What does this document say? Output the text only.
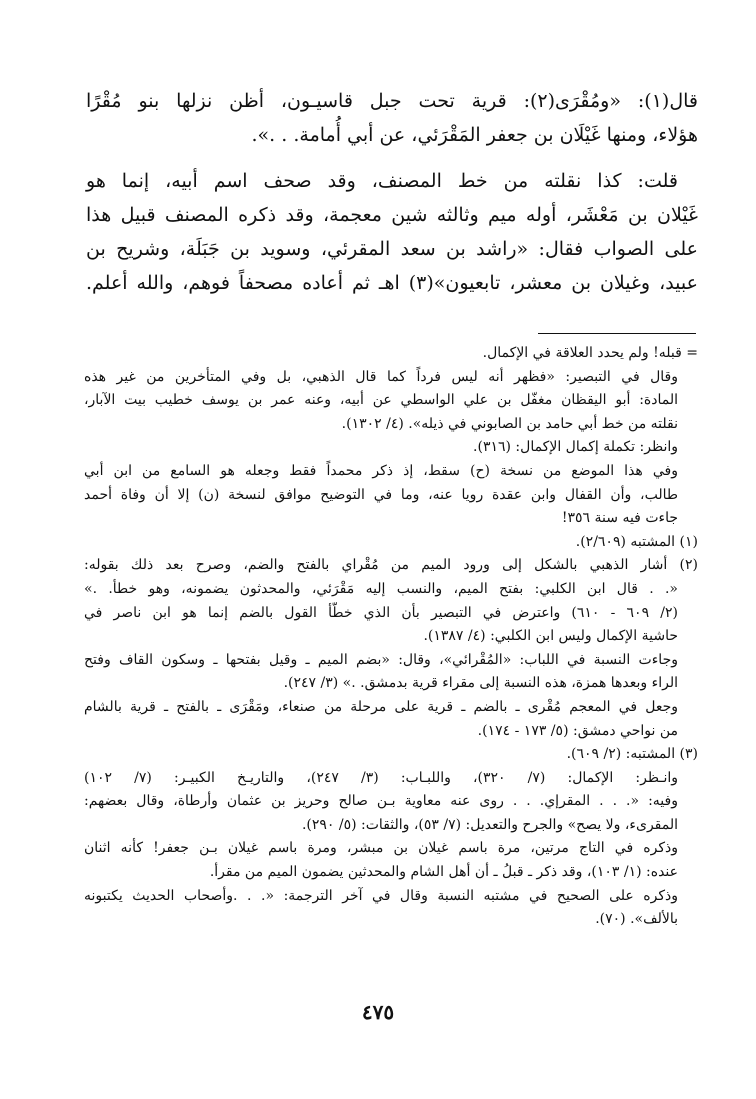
قال(١): «ومُقْرَى(٢): قرية تحت جبل قاسيـون، أظن نزلها بنو مُقْرًا
هؤلاء، ومنها غَيْلَان بن جعفر المَقْرَئي، عن أبي أُمامة. . .».

قلت: كذا نقلته من خط المصنف، وقد صحف اسم أبيه، إنما هو
غَيْلان بن مَعْشَر، أوله ميم وثالثه شين معجمة، وقد ذكره المصنف قبيل هذا
على الصواب فقال: «راشد بن سعد المقرئي، وسويد بن جَبَلَة، وشريح بن
عبيد، وغيلان بن معشر، تابعيون»(٣) اهـ ثم أعاده مصحفاً فوهم، والله أعلم.

= قبله! ولم يحدد العلاقة في الإكمال.
وقال في التبصير: «فظهر أنه ليس فرداً كما قال الذهبي، بل وفي المتأخرين من غير هذه
المادة: أبو اليقظان مغفّل بن علي الواسطي عن أبيه، وعنه عمر بن يوسف خطيب بيت الآبار،
نقلته من خط أبي حامد بن الصابوني في ذيله». (٤/ ١٣٠٢).
وانظر: تكملة إكمال الإكمال: (٣١٦).
وفي هذا الموضع من نسخة (ح) سقط، إذ ذكر محمداً فقط وجعله هو السامع من ابن أبي
طالب، وأن القفال وابن عقدة رويا عنه، وما في التوضيح موافق لنسخة (ن) إلا أن وفاة أحمد
جاءت فيه سنة ٣٥٦!
(١) المشتبه (٢/٦٠٩).
(٢) أشار الذهبي بالشكل إلى ورود الميم من مُقْراي بالفتح والضم، وصرح بعد ذلك بقوله:
«. . قال ابن الكلبي: بفتح الميم، والنسب إليه مَقْرَئي، والمحدثون يضمونه، وهو خطأ. .»
(٢/ ٦٠٩ - ٦١٠) واعترض في التبصير بأن الذي خطّأ القول بالضم إنما هو ابن ناصر في
حاشية الإكمال وليس ابن الكلبي: (٤/ ١٣٨٧).
وجاءت النسبة في اللباب: «المُقْرائي»، وقال: «بضم الميم ـ وقيل بفتحها ـ وسكون القاف وفتح
الراء وبعدها همزة، هذه النسبة إلى مقراء قرية بدمشق. .» (٣/ ٢٤٧).
وجعل في المعجم مُقْرى ـ بالضم ـ قرية على مرحلة من صنعاء، ومَقْرَى ـ بالفتح ـ قرية بالشام
من نواحي دمشق: (٥/ ١٧٣ - ١٧٤).
(٣) المشتبه: (٢/ ٦٠٩).
وانـظر: الإكمال: (٧/ ٣٢٠)، واللبـاب: (٣/ ٢٤٧)، والتاريـخ الكبيـر: (٧/ ١٠٢)
وفيه: «. . . المقرإي. . . روى عنه معاوية بـن صالح وحريز بن عثمان وأرطاة، وقال بعضهم:
المقرىء، ولا يصح» والجرح والتعديل: (٧/ ٥٣)، والثقات: (٥/ ٢٩٠).
وذكره في التاج مرتين، مرة باسم غيلان بن مبشر، ومرة باسم غيلان بـن جعفر! كأنه اثنان
عنده: (١/ ١٠٣)، وقد ذكر ـ قبلُ ـ أن أهل الشام والمحدثين يضمون الميم من مقرأ.
وذكره على الصحيح في مشتبه النسبة وقال في آخر الترجمة: «. . .وأصحاب الحديث يكتبونه
بالألف». (٧٠).
٤٧٥
